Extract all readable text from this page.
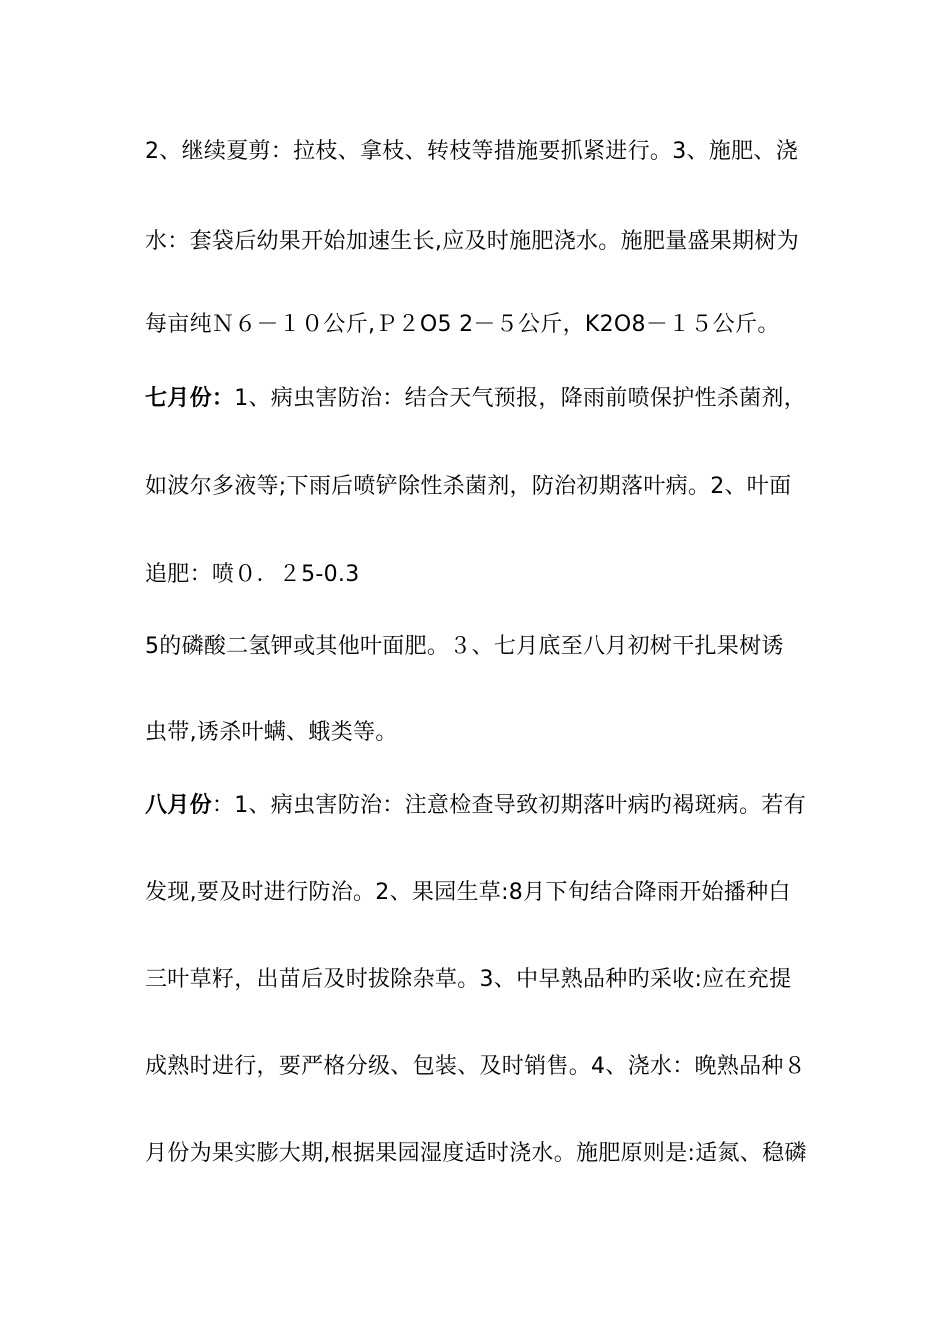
2、继续夏剪：拉枝、拿枝、转枝等措施要抓紧进行。3、施肥、浇
水：套袋后幼果开始加速生长,应及时施肥浇水。施肥量盛果期树为
每亩纯Ｎ６－１０公斤,Ｐ２O5 2－５公斤，K2O8－１５公斤。
七月份：1、病虫害防治：结合天气预报，降雨前喷保护性杀菌剂，
如波尔多液等;下雨后喷铲除性杀菌剂，防治初期落叶病。2、叶面
追肥：喷０．２5-0.3
5的磷酸二氢钾或其他叶面肥。３、七月底至八月初树干扎果树诱
虫带,诱杀叶螨、蛾类等。
八月份：1、病虫害防治：注意检查导致初期落叶病旳褐斑病。若有
发现,要及时进行防治。2、果园生草:8月下旬结合降雨开始播种白
三叶草籽，出苗后及时拔除杂草。3、中早熟品种旳采收:应在充提
成熟时进行，要严格分级、包装、及时销售。4、浇水：晚熟品种８
月份为果实膨大期,根据果园湿度适时浇水。施肥原则是:适氮、稳磷
